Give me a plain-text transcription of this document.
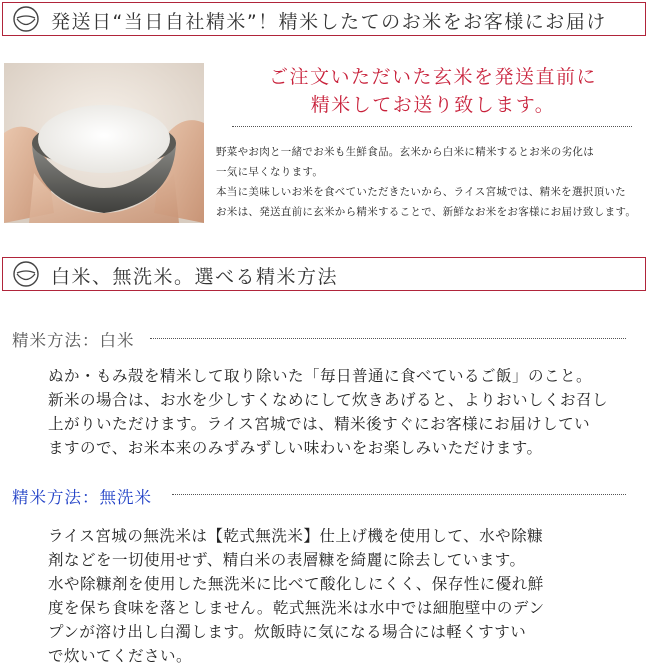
発送日“当日自社精米”！精米したてのお米をお客様にお届け
ご注文いただいた玄米を発送直前に
精米してお送り致します。
野菜やお肉と一緒でお米も生鮮食品。玄米から白米に精米するとお米の劣化は
一気に早くなります。
本当に美味しいお米を食べていただきたいから、ライス宮城では、精米を選択頂いた
お米は、発送直前に玄米から精米することで、新鮮なお米をお客様にお届け致します。
白米、無洗米。選べる精米方法
精米方法：白米
ぬか・もみ殻を精米して取り除いた「毎日普通に食べているご飯」のこと。
新米の場合は、お水を少しすくなめにして炊きあげると、よりおいしくお召し
上がりいただけます。ライス宮城では、精米後すぐにお客様にお届けしてい
ますので、お米本来のみずみずしい味わいをお楽しみいただけます。
精米方法：無洗米
ライス宮城の無洗米は【乾式無洗米】仕上げ機を使用して、水や除糠
剤などを一切使用せず、精白米の表層糠を綺麗に除去しています。
水や除糠剤を使用した無洗米に比べて酸化しにくく、保存性に優れ鮮
度を保ち食味を落としません。乾式無洗米は水中では細胞壁中のデン
プンが溶け出し白濁します。炊飯時に気になる場合には軽くすすい
で炊いてください。
